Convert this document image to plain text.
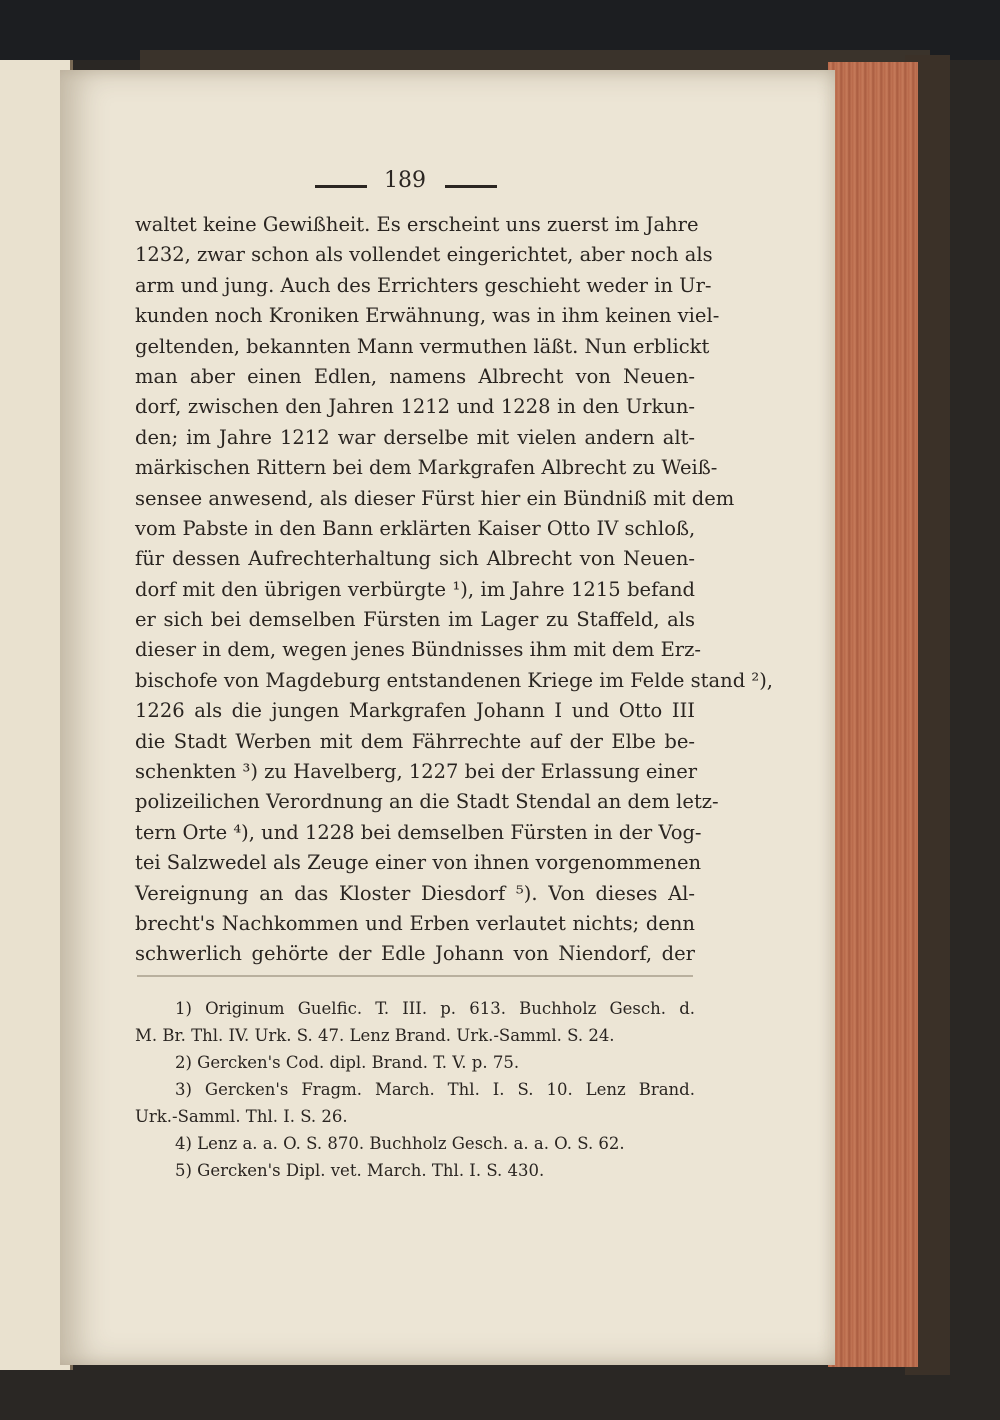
189
waltet keine Gewißheit. Es erscheint uns zuerst im Jahre
1232, zwar schon als vollendet eingerichtet, aber noch als
arm und jung. Auch des Errichters geschieht weder in Ur-
kunden noch Kroniken Erwähnung, was in ihm keinen viel-
geltenden, bekannten Mann vermuthen läßt. Nun erblickt
man aber einen Edlen, namens Albrecht von Neuen-
dorf, zwischen den Jahren 1212 und 1228 in den Urkun-
den; im Jahre 1212 war derselbe mit vielen andern alt-
märkischen Rittern bei dem Markgrafen Albrecht zu Weiß-
sensee anwesend, als dieser Fürst hier ein Bündniß mit dem
vom Pabste in den Bann erklärten Kaiser Otto IV schloß,
für dessen Aufrechterhaltung sich Albrecht von Neuen-
dorf mit den übrigen verbürgte ¹), im Jahre 1215 befand
er sich bei demselben Fürsten im Lager zu Staffeld, als
dieser in dem, wegen jenes Bündnisses ihm mit dem Erz-
bischofe von Magdeburg entstandenen Kriege im Felde stand ²),
1226 als die jungen Markgrafen Johann I und Otto III
die Stadt Werben mit dem Fährrechte auf der Elbe be-
schenkten ³) zu Havelberg, 1227 bei der Erlassung einer
polizeilichen Verordnung an die Stadt Stendal an dem letz-
tern Orte ⁴), und 1228 bei demselben Fürsten in der Vog-
tei Salzwedel als Zeuge einer von ihnen vorgenommenen
Vereignung an das Kloster Diesdorf ⁵). Von dieses Al-
brecht's Nachkommen und Erben verlautet nichts; denn
schwerlich gehörte der Edle Johann von Niendorf, der
1) Originum Guelfic. T. III. p. 613. Buchholz Gesch. d.
M. Br. Thl. IV. Urk. S. 47. Lenz Brand. Urk.-Samml. S. 24.
2) Gercken's Cod. dipl. Brand. T. V. p. 75.
3) Gercken's Fragm. March. Thl. I. S. 10. Lenz Brand.
Urk.-Samml. Thl. I. S. 26.
4) Lenz a. a. O. S. 870. Buchholz Gesch. a. a. O. S. 62.
5) Gercken's Dipl. vet. March. Thl. I. S. 430.
